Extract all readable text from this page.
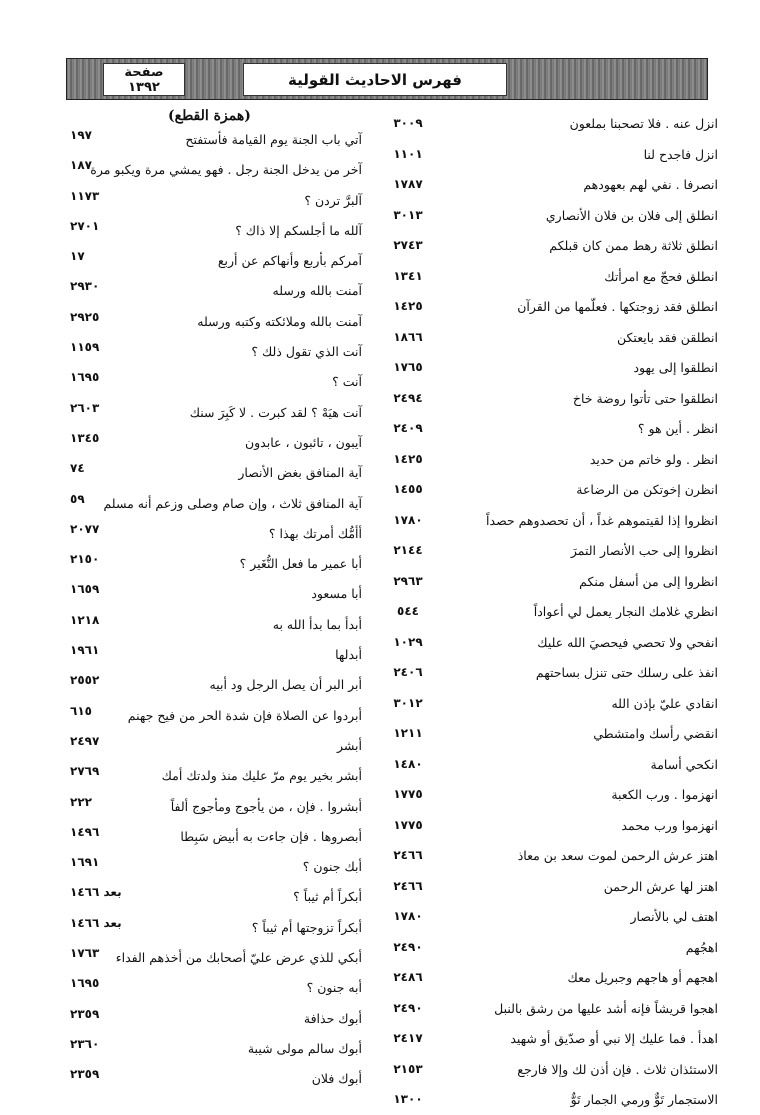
فهرس الاحاديث القولية
صفحة
١٣٩٢
انزل عنه . فلا تصحبنا بملعون
٣٠٠٩
انزل فاجدح لنا
١١٠١
انصرفا . نفي لهم بعهودهم
١٧٨٧
انطلق إلى فلان بن فلان الأنصاري
٣٠١٣
انطلق ثلاثة رهط ممن كان قبلكم
٢٧٤٣
انطلق فحجّ مع امرأتك
١٣٤١
انطلق فقد زوجتكها . فعلّمها من القرآن
١٤٢٥
انطلقن فقد بايعتكن
١٨٦٦
انطلقوا إلى يهود
١٧٦٥
انطلقوا حتى تأتوا روضة خاخ
٢٤٩٤
انظر . أين هو ؟
٢٤٠٩
انظر . ولو خاتم من حديد
١٤٢٥
انظرن إخوتكن من الرضاعة
١٤٥٥
انظروا إذا لقيتموهم غداً ، أن تحصدوهم حصداً
١٧٨٠
انظروا إلى حب الأنصار التمرَ
٢١٤٤
انظروا إلى من أسفل منكم
٢٩٦٣
انظري غلامك النجار يعمل لي أعواداً
٥٤٤
انفحي ولا تحصي فيحصيَ الله عليك
١٠٢٩
انفذ على رسلك حتى تنزل بساحتهم
٢٤٠٦
انقادي عليّ بإذن الله
٣٠١٢
انقضي رأسك وامتشطي
١٢١١
انكحي أسامة
١٤٨٠
انهزموا . ورب الكعبة
١٧٧٥
انهزموا ورب محمد
١٧٧٥
اهتز عرش الرحمن لموت سعد بن معاذ
٢٤٦٦
اهتز لها عرش الرحمن
٢٤٦٦
اهتف لي بالأنصار
١٧٨٠
اهجُهم
٢٤٩٠
اهجهم أو هاجهم وجبريل معك
٢٤٨٦
اهجوا قريشاً فإنه أشد عليها من رشق بالنبل
٢٤٩٠
اهدأ . فما عليك إلا نبي أو صدّيق أو شهيد
٢٤١٧
الاستئذان ثلاث . فإن أذن لك وإلا فارجع
٢١٥٣
الاستجمار تَوٌّ ورمي الجمار تَوٌّ
١٣٠٠
(همزة القطع)
آتي باب الجنة يوم القيامة فأستفتح
١٩٧
آخر من يدخل الجنة رجل . فهو يمشي مرة ويكبو مرة
١٨٧
آلبرَّ تردن ؟
١١٧٣
آلله ما أجلسكم إلا ذاك ؟
٢٧٠١
آمركم بأربع وأنهاكم عن أربع
١٧
آمنت بالله ورسله
٢٩٣٠
آمنت بالله وملائكته وكتبه ورسله
٢٩٢٥
آنت الذي تقول ذلك ؟
١١٥٩
آنت ؟
١٦٩٥
آنت هيَهْ ؟ لقد كبرت . لا كَبِرَ سنك
٢٦٠٣
آيبون ، تائبون ، عابدون
١٣٤٥
آية المنافق بغض الأنصار
٧٤
آية المنافق ثلاث ، وإن صام وصلى وزعم أنه مسلم
٥٩
أأمُّك أمرتك بهذا ؟
٢٠٧٧
أبا عمير ما فعل النُّغَير ؟
٢١٥٠
أبا مسعود
١٦٥٩
أبدأ بما بدأ الله به
١٢١٨
أبدلها
١٩٦١
أبر البر أن يصل الرجل ود أبيه
٢٥٥٢
أبردوا عن الصلاة فإن شدة الحر من فيح جهنم
٦١٥
أبشر
٢٤٩٧
أبشر بخير يوم مرّ عليك منذ ولدتك أمك
٢٧٦٩
أبشروا . فإن ، من يأجوج ومأجوج ألفاً
٢٢٢
أبصروها . فإن جاءت به أبيض سَبِطا
١٤٩٦
أبك جنون ؟
١٦٩١
أبكراً أم ثيباً ؟
بعد ١٤٦٦
أبكراً تزوجتها أم ثيباً ؟
بعد ١٤٦٦
أبكي للذي عرض عليّ أصحابك من أخذهم الفداء
١٧٦٣
أبه جنون ؟
١٦٩٥
أبوك حذافة
٢٣٥٩
أبوك سالم مولى شيبة
٢٣٦٠
أبوك فلان
٢٣٥٩
